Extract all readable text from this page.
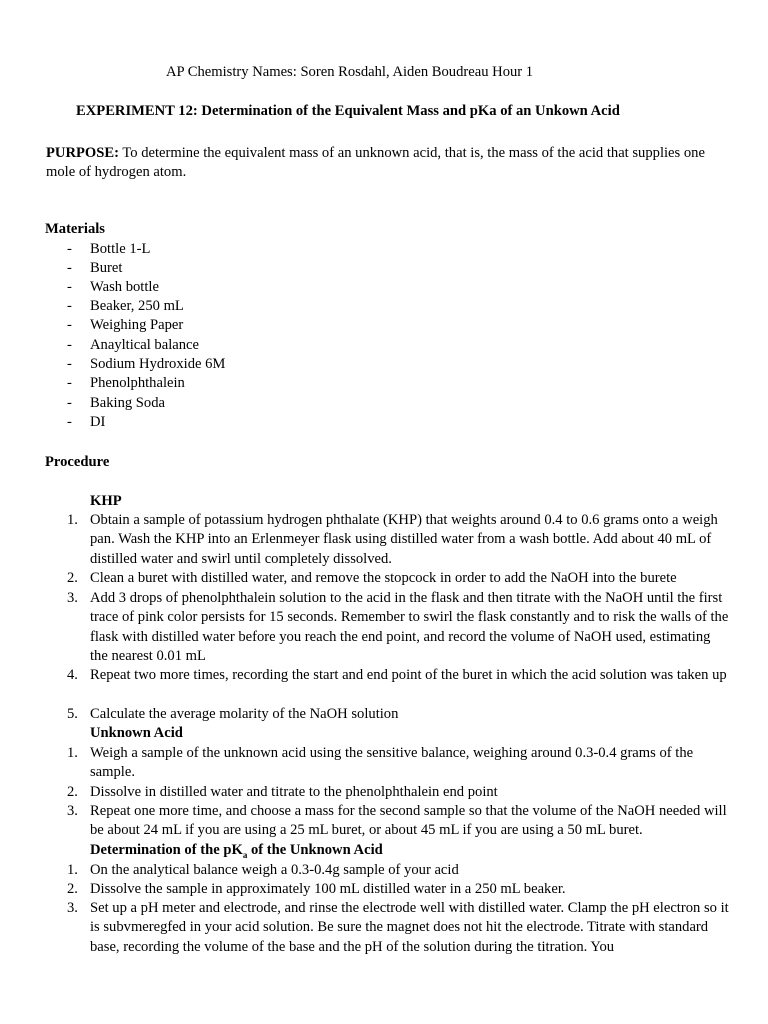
AP Chemistry Names: Soren Rosdahl, Aiden Boudreau Hour 1
EXPERIMENT 12: Determination of the Equivalent Mass and pKa of an Unkown Acid
PURPOSE: To determine the equivalent mass of an unknown acid, that is, the mass of the acid that supplies one mole of hydrogen atom.
Materials
-	Bottle 1-L
-	Buret
-	Wash bottle
-	Beaker, 250 mL
-	Weighing Paper
-	Anayltical balance
-	Sodium Hydroxide 6M
-	Phenolphthalein
-	Baking Soda
-	DI
Procedure
KHP
1. Obtain a sample of potassium hydrogen phthalate (KHP) that weights around 0.4 to 0.6 grams onto a weigh pan. Wash the KHP into an Erlenmeyer flask using distilled water from a wash bottle. Add about 40 mL of distilled water and swirl until completely dissolved.
2. Clean a buret with distilled water, and remove the stopcock in order to add the NaOH into the burete
3. Add 3 drops of phenolphthalein solution to the acid in the flask and then titrate with the NaOH until the first trace of pink color persists for 15 seconds. Remember to swirl the flask constantly and to risk the walls of the flask with distilled water before you reach the end point, and record the volume of NaOH used, estimating the nearest 0.01 mL
4. Repeat two more times, recording the start and end point of the buret in which the acid solution was taken up
5. Calculate the average molarity of the NaOH solution
Unknown Acid
1. Weigh a sample of the unknown acid using the sensitive balance, weighing around 0.3-0.4 grams of the sample.
2. Dissolve in distilled water and titrate to the phenolphthalein end point
3. Repeat one more time, and choose a mass for the second sample so that the volume of the NaOH needed will be about 24 mL if you are using a 25 mL buret, or about 45 mL if you are using a 50 mL buret.
Determination of the $pK_a$ of the Unknown Acid
1. On the analytical balance weigh a 0.3-0.4g sample of your acid
2. Dissolve the sample in approximately 100 mL distilled water in a 250 mL beaker.
3. Set up a pH meter and electrode, and rinse the electrode well with distilled water. Clamp the pH electron so it is subvmeregfed in your acid solution. Be sure the magnet does not hit the electrode. Titrate with standard base, recording the volume of the base and the pH of the solution during the titration. You
